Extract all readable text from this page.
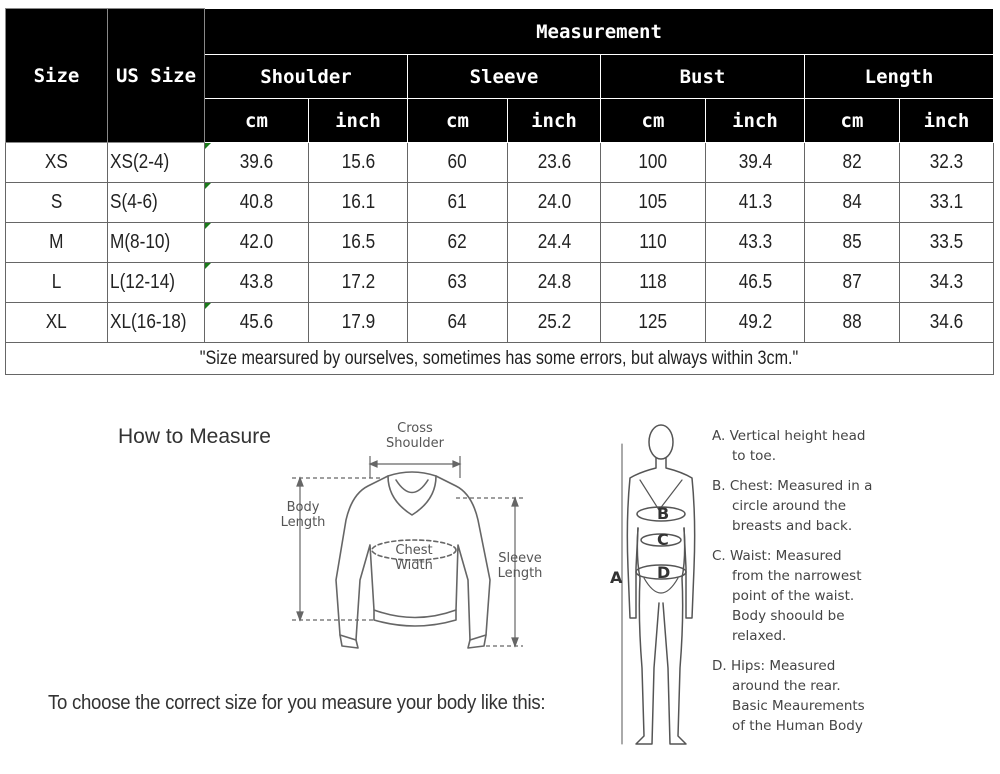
Size	US Size	Measurement							
		Shoulder		Sleeve		Bust		Length	
		cm	inch	cm	inch	cm	inch	cm	inch
XS	XS(2-4)	39.6	15.6	60	23.6	100	39.4	82	32.3
S	S(4-6)	40.8	16.1	61	24.0	105	41.3	84	33.1
M	M(8-10)	42.0	16.5	62	24.4	110	43.3	85	33.5
L	L(12-14)	43.8	17.2	63	24.8	118	46.5	87	34.3
XL	XL(16-18)	45.6	17.9	64	25.2	125	49.2	88	34.6
"Size mearsured by ourselves, sometimes has some errors, but always within 3cm."									
How to Measure	Cross
Shoulder
Body
Length
Chest
Width	Sleeve
Length
To choose the correct size for you measure your body like this:
B
C
D
A

A. Vertical height head

to toe.

B. Chest: Measured in a

circle around the

breasts and back.

C. Waist: Measured

from the narrowest

point of the waist.

Body shoould be

relaxed.

D. Hips: Measured

around the rear.

Basic Meaurements

of the Human Body
